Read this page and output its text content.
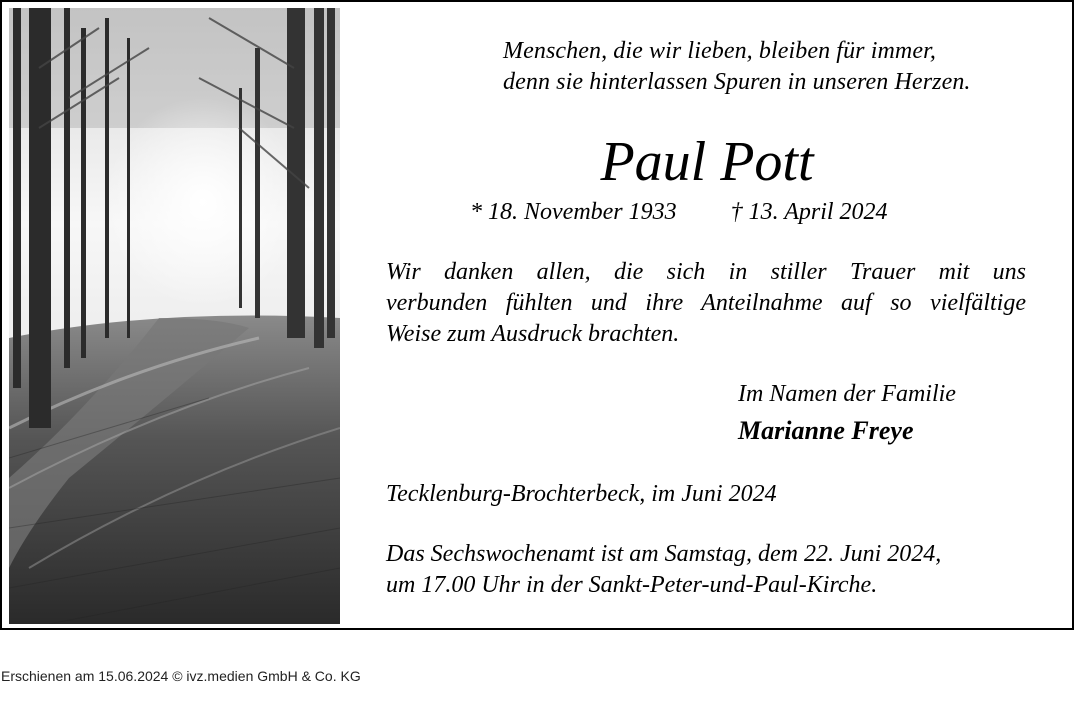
Menschen, die wir lieben, bleiben für immer,
denn sie hinterlassen Spuren in unseren Herzen.
Paul Pott
* 18. November 1933         † 13. April 2024
Wir danken allen, die sich in stiller Trauer mit uns
verbunden fühlten und ihre Anteilnahme auf so vielfältige
Weise zum Ausdruck brachten.
Im Namen der Familie
Marianne Freye
Tecklenburg-Brochterbeck, im Juni 2024
Das Sechswochenamt ist am Samstag, dem 22. Juni 2024,
um 17.00 Uhr in der Sankt-Peter-und-Paul-Kirche.
Erschienen am 15.06.2024 © ivz.medien GmbH & Co. KG
